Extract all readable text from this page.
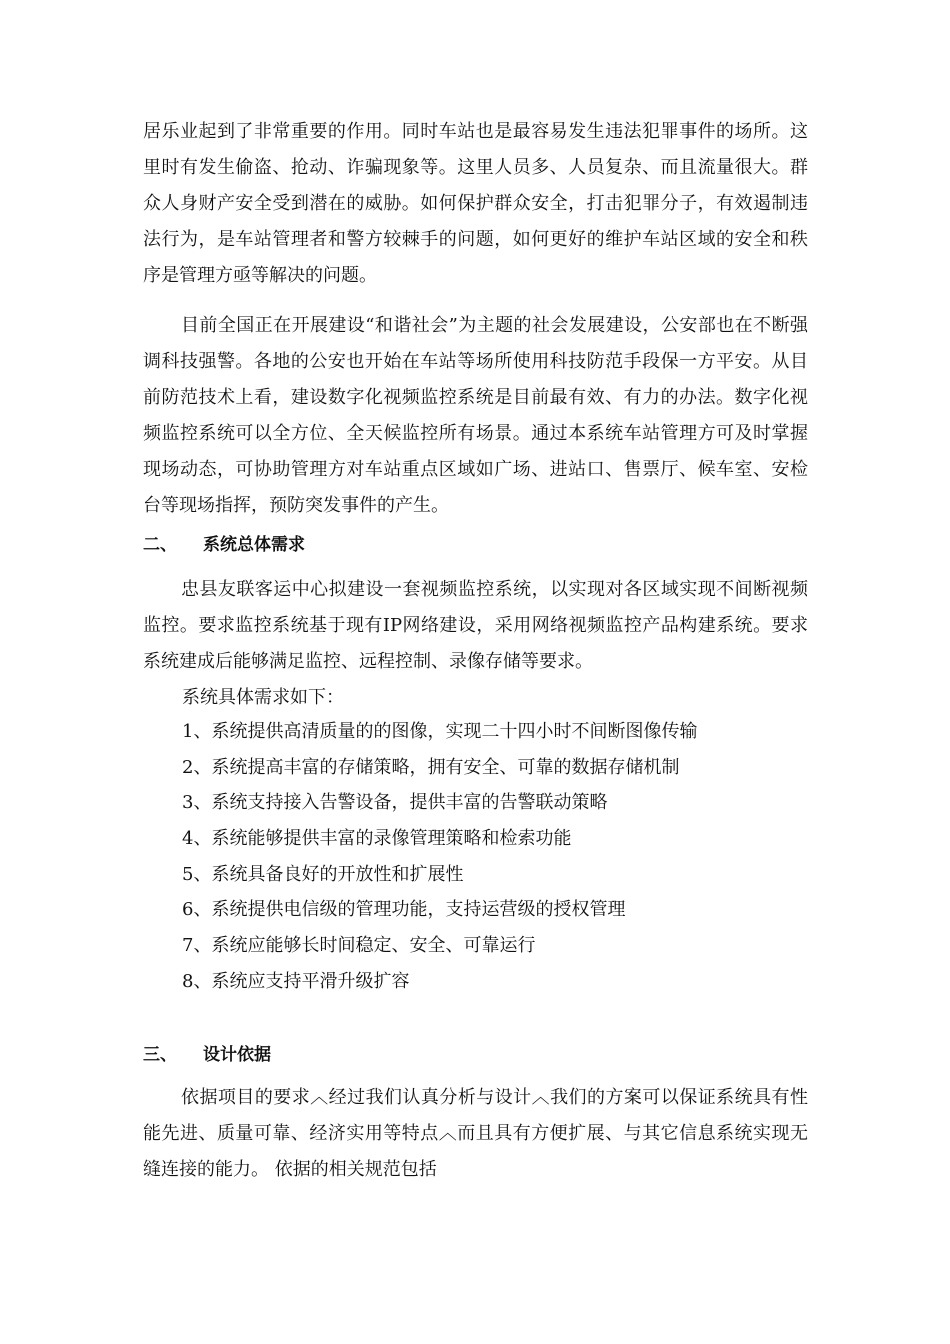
居乐业起到了非常重要的作用。同时车站也是最容易发生违法犯罪事件的场所。这里时有发生偷盗、抢动、诈骗现象等。这里人员多、人员复杂、而且流量很大。群众人身财产安全受到潜在的威胁。如何保护群众安全，打击犯罪分子，有效遏制违法行为，是车站管理者和警方较棘手的问题，如何更好的维护车站区域的安全和秩序是管理方亟等解决的问题。

目前全国正在开展建设“和谐社会”为主题的社会发展建设，公安部也在不断强调科技强警。各地的公安也开始在车站等场所使用科技防范手段保一方平安。从目前防范技术上看，建设数字化视频监控系统是目前最有效、有力的办法。数字化视频监控系统可以全方位、全天候监控所有场景。通过本系统车站管理方可及时掌握现场动态，可协助管理方对车站重点区域如广场、进站口、售票厅、候车室、安检台等现场指挥，预防突发事件的产生。

二、 系统总体需求

忠县友联客运中心拟建设一套视频监控系统，以实现对各区域实现不间断视频监控。要求监控系统基于现有IP网络建设，采用网络视频监控产品构建系统。要求系统建成后能够满足监控、远程控制、录像存储等要求。

系统具体需求如下：
1、系统提供高清质量的的图像，实现二十四小时不间断图像传输
2、系统提高丰富的存储策略，拥有安全、可靠的数据存储机制
3、系统支持接入告警设备，提供丰富的告警联动策略
4、系统能够提供丰富的录像管理策略和检索功能
5、系统具备良好的开放性和扩展性
6、系统提供电信级的管理功能，支持运营级的授权管理
7、系统应能够长时间稳定、安全、可靠运行
8、系统应支持平滑升级扩容
三、 设计依据

依据项目的要求︿经过我们认真分析与设计︿我们的方案可以保证系统具有性能先进、质量可靠、经济实用等特点︿而且具有方便扩展、与其它信息系统实现无缝连接的能力。 依据的相关规范包括
